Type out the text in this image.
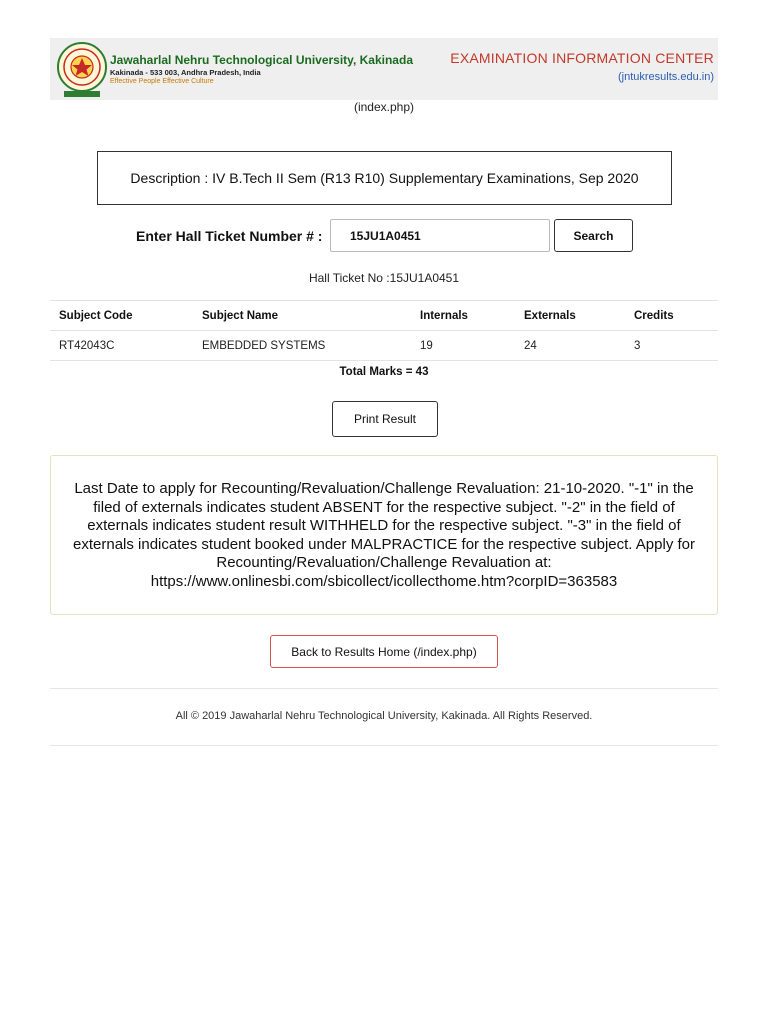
Jawaharlal Nehru Technological University, Kakinada
Kakinada - 533 003, Andhra Pradesh, India
Effective People Effective Culture
EXAMINATION INFORMATION CENTER
(jntukresults.edu.in)
(index.php)
Description : IV B.Tech II Sem (R13 R10) Supplementary Examinations, Sep 2020
Enter Hall Ticket Number # :
15JU1A0451	Search
Hall Ticket No :15JU1A0451
Subject Code	Subject Name	Internals	Externals	Credits
RT42043C	EMBEDDED SYSTEMS	19	24	3
Total Marks = 43
Print Result
Last Date to apply for Recounting/Revaluation/Challenge Revaluation: 21-10-2020. "-1" in the filed of externals indicates student ABSENT for the respective subject. "-2" in the field of externals indicates student result WITHHELD for the respective subject. "-3" in the field of externals indicates student booked under MALPRACTICE for the respective subject. Apply for Recounting/Revaluation/Challenge Revaluation at: https://www.onlinesbi.com/sbicollect/icollecthome.htm?corpID=363583
Back to Results Home (/index.php)
All © 2019 Jawaharlal Nehru Technological University, Kakinada. All Rights Reserved.
